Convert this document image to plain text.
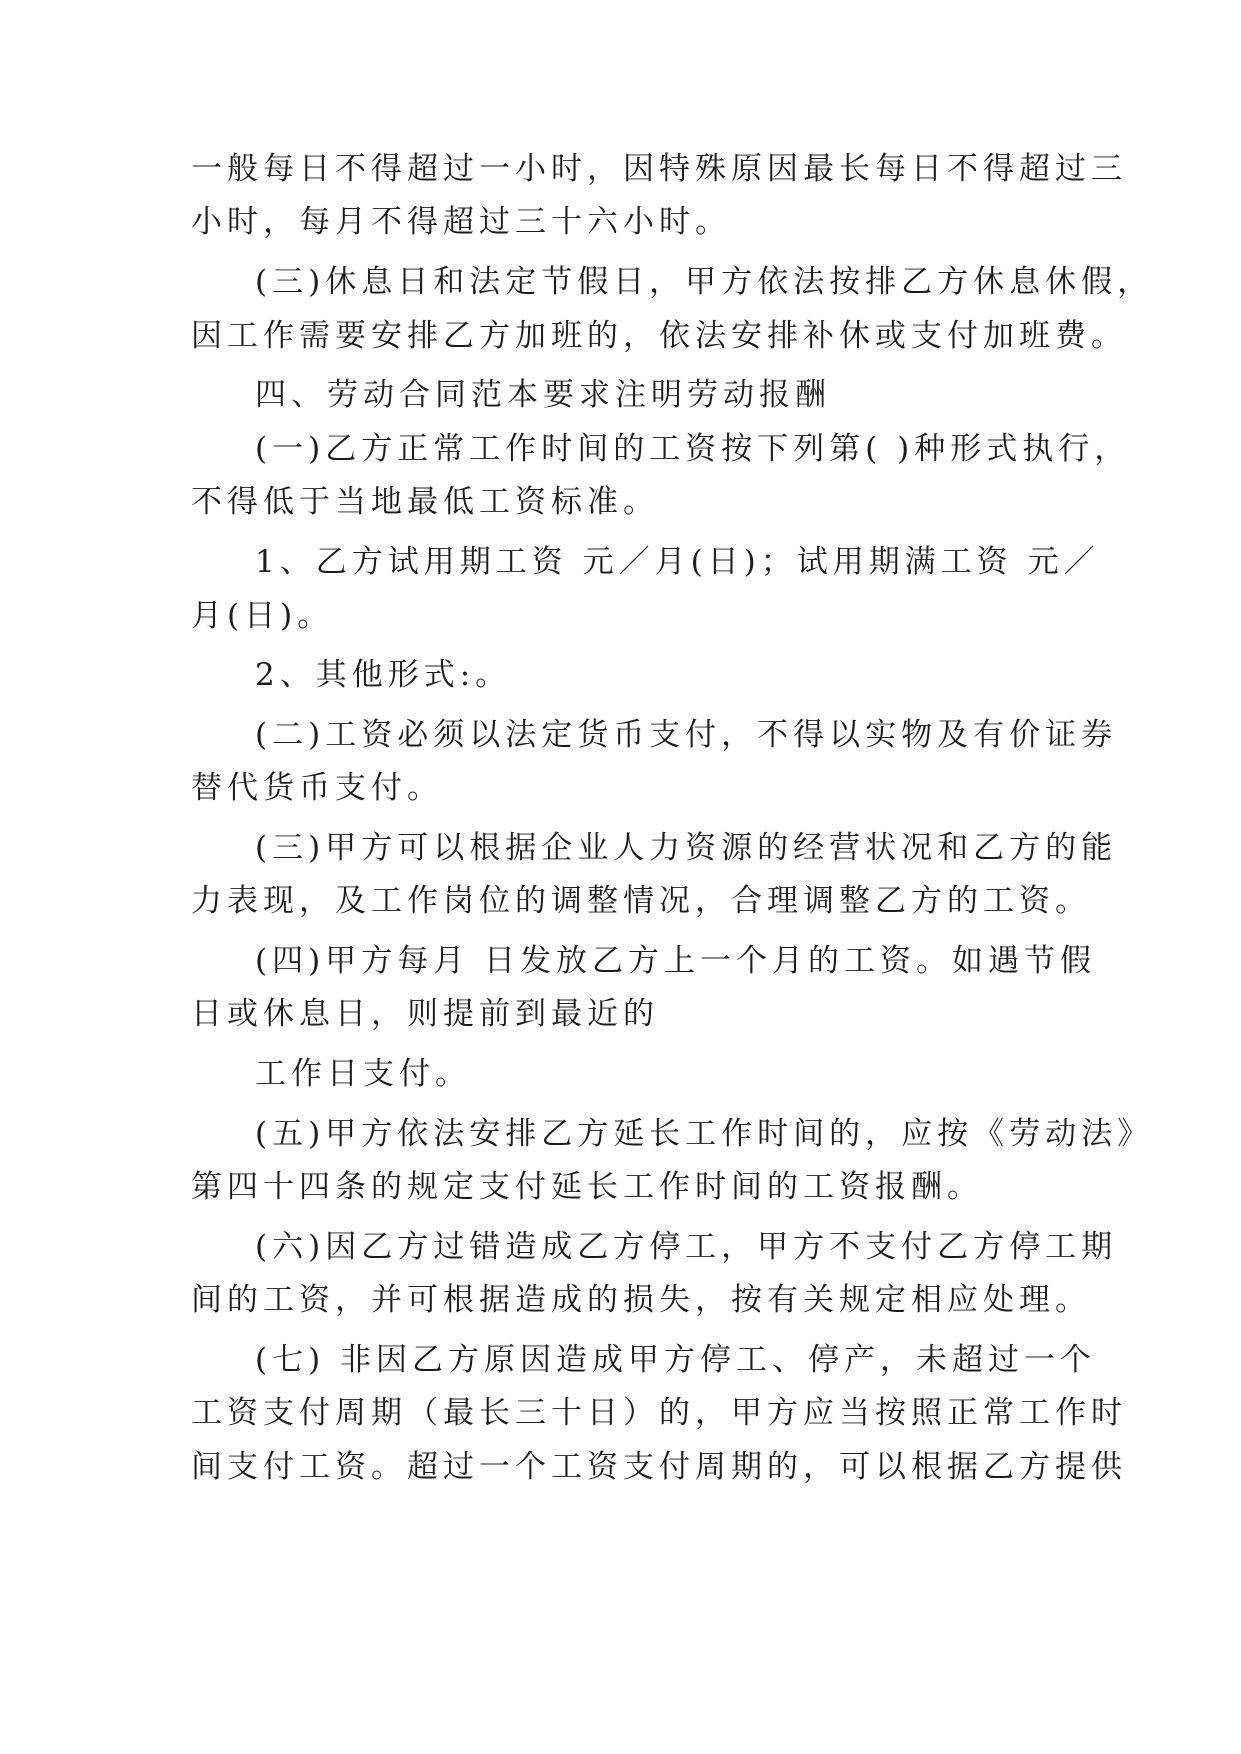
一般每日不得超过一小时，因特殊原因最长每日不得超过三
小时，每月不得超过三十六小时。
(三)休息日和法定节假日，甲方依法按排乙方休息休假，
因工作需要安排乙方加班的，依法安排补休或支付加班费。
四、劳动合同范本要求注明劳动报酬
(一)乙方正常工作时间的工资按下列第( )种形式执行，
不得低于当地最低工资标准。
1、乙方试用期工资 元／月(日)；试用期满工资 元／
月(日)。
2、其他形式:。
(二)工资必须以法定货币支付，不得以实物及有价证券
替代货币支付。
(三)甲方可以根据企业人力资源的经营状况和乙方的能
力表现，及工作岗位的调整情况，合理调整乙方的工资。
(四)甲方每月 日发放乙方上一个月的工资。如遇节假
日或休息日，则提前到最近的
工作日支付。
(五)甲方依法安排乙方延长工作时间的，应按《劳动法》
第四十四条的规定支付延长工作时间的工资报酬。
(六)因乙方过错造成乙方停工，甲方不支付乙方停工期
间的工资，并可根据造成的损失，按有关规定相应处理。
(七) 非因乙方原因造成甲方停工、停产，未超过一个
工资支付周期（最长三十日）的，甲方应当按照正常工作时
间支付工资。超过一个工资支付周期的，可以根据乙方提供
